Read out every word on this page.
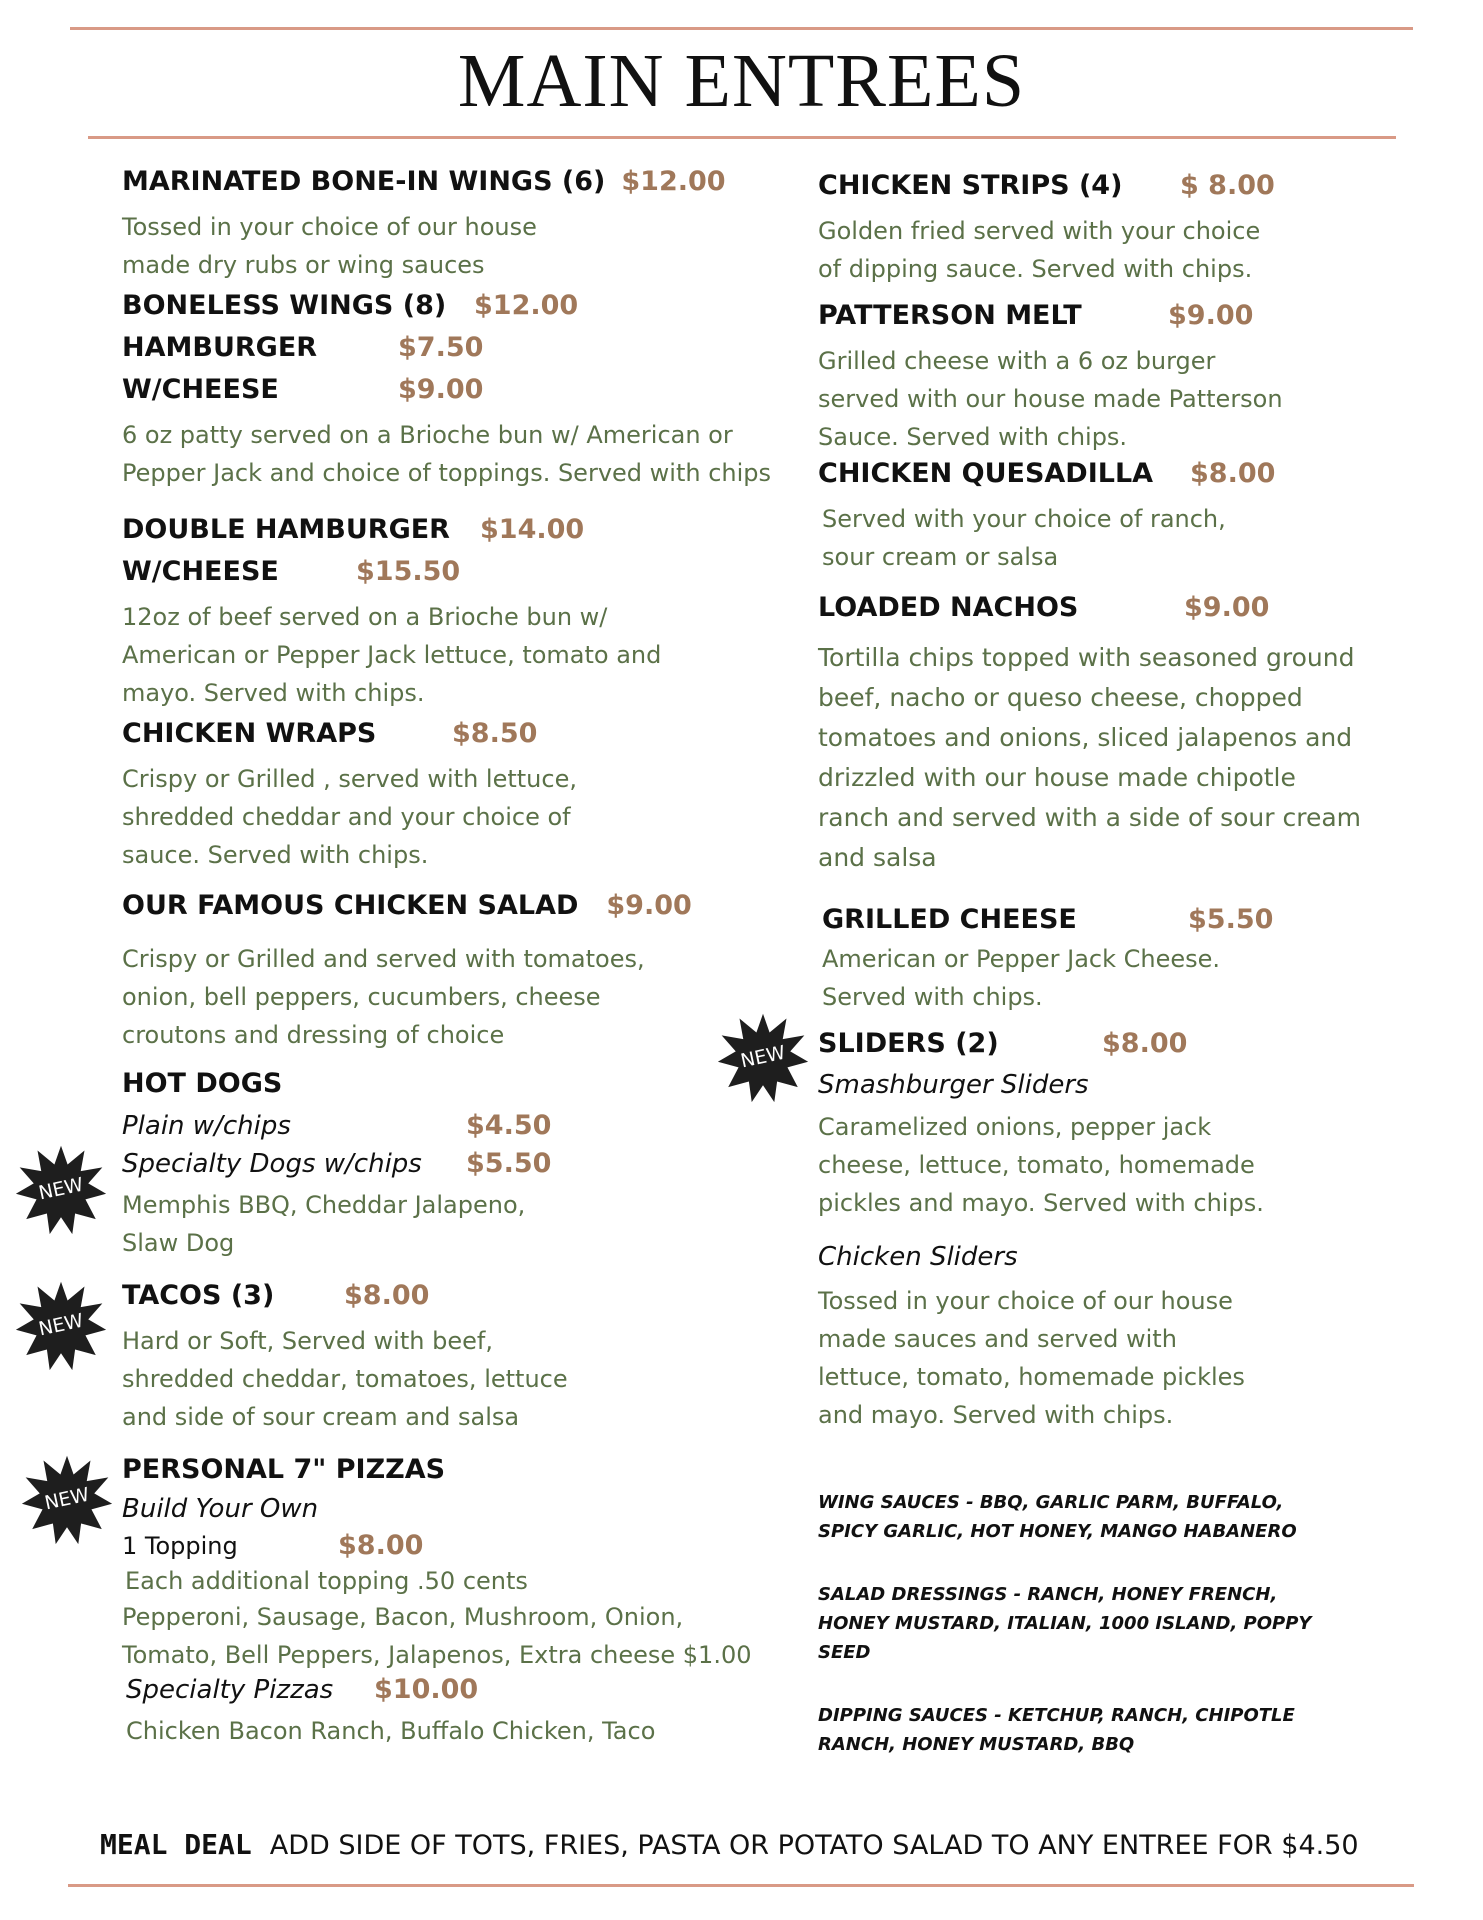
MAIN ENTREES
MARINATED BONE-IN WINGS (6) $12.00
Tossed in your choice of our house
made dry rubs or wing sauces
BONELESS WINGS (8)	$12.00
HAMBURGER	$7.50
W/CHEESE	$9.00
6 oz patty served on a Brioche bun w/ American or
Pepper Jack and choice of toppings. Served with chips
DOUBLE HAMBURGER	$14.00
W/CHEESE	$15.50
12oz of beef served on a Brioche bun w/
American or Pepper Jack lettuce, tomato and
mayo. Served with chips.
CHICKEN WRAPS	$8.50
Crispy or Grilled , served with lettuce,
shredded cheddar and your choice of
sauce. Served with chips.
OUR FAMOUS CHICKEN SALAD $9.00
Crispy or Grilled and served with tomatoes,
onion, bell peppers, cucumbers, cheese
croutons and dressing of choice
HOT DOGS
Plain w/chips	$4.50
Specialty Dogs w/chips	$5.50
Memphis BBQ, Cheddar Jalapeno,
Slaw Dog
TACOS (3)	$8.00
Hard or Soft, Served with beef,
shredded cheddar, tomatoes, lettuce
and side of sour cream and salsa
PERSONAL 7" PIZZAS
Build Your Own
1 Topping	$8.00
Each additional topping .50 cents
Pepperoni, Sausage, Bacon, Mushroom, Onion,
Tomato, Bell Peppers, Jalapenos, Extra cheese $1.00
Specialty Pizzas	$10.00
Chicken Bacon Ranch, Buffalo Chicken, Taco
CHICKEN STRIPS (4)	$ 8.00
Golden fried served with your choice
of dipping sauce. Served with chips.
PATTERSON MELT	$9.00
Grilled cheese with a 6 oz burger
served with our house made Patterson
Sauce. Served with chips.
CHICKEN QUESADILLA	$8.00
Served with your choice of ranch,
sour cream or salsa
LOADED NACHOS	$9.00
Tortilla chips topped with seasoned ground
beef, nacho or queso cheese, chopped
tomatoes and onions, sliced jalapenos and
drizzled with our house made chipotle
ranch and served with a side of sour cream
and salsa
GRILLED CHEESE	$5.50
American or Pepper Jack Cheese.
Served with chips.
SLIDERS (2)	$8.00
Smashburger Sliders
Caramelized onions, pepper jack
cheese, lettuce, tomato, homemade
pickles and mayo. Served with chips.
Chicken Sliders
Tossed in your choice of our house
made sauces and served with
lettuce, tomato, homemade pickles
and mayo. Served with chips.
NEW
NEW
NEW
NEW	WING SAUCES - BBQ, GARLIC PARM, BUFFALO,
SPICY GARLIC, HOT HONEY, MANGO HABANERO
SALAD DRESSINGS - RANCH, HONEY FRENCH,
HONEY MUSTARD, ITALIAN, 1000 ISLAND, POPPY
SEED
DIPPING SAUCES - KETCHUP, RANCH, CHIPOTLE
RANCH, HONEY MUSTARD, BBQ
MEAL DEAL ADD SIDE OF TOTS, FRIES, PASTA OR POTATO SALAD TO ANY ENTREE FOR $4.50
